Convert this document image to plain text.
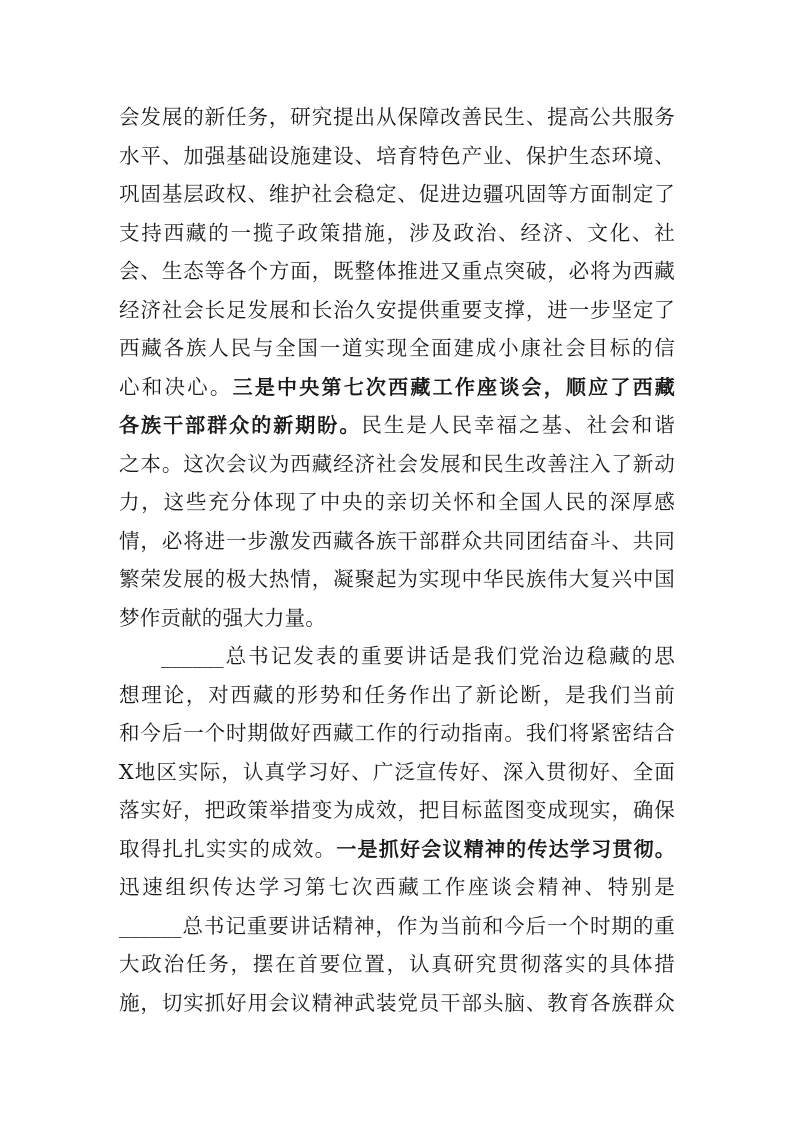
会发展的新任务，研究提出从保障改善民生、提高公共服务
水平、加强基础设施建设、培育特色产业、保护生态环境、
巩固基层政权、维护社会稳定、促进边疆巩固等方面制定了
支持西藏的一揽子政策措施，涉及政治、经济、文化、社
会、生态等各个方面，既整体推进又重点突破，必将为西藏
经济社会长足发展和长治久安提供重要支撑，进一步坚定了
西藏各族人民与全国一道实现全面建成小康社会目标的信
心和决心。三是中央第七次西藏工作座谈会，顺应了西藏
各族干部群众的新期盼。民生是人民幸福之基、社会和谐
之本。这次会议为西藏经济社会发展和民生改善注入了新动
力，这些充分体现了中央的亲切关怀和全国人民的深厚感
情，必将进一步激发西藏各族干部群众共同团结奋斗、共同
繁荣发展的极大热情，凝聚起为实现中华民族伟大复兴中国
梦作贡献的强大力量。
______总书记发表的重要讲话是我们党治边稳藏的思
想理论，对西藏的形势和任务作出了新论断，是我们当前
和今后一个时期做好西藏工作的行动指南。我们将紧密结合
X地区实际，认真学习好、广泛宣传好、深入贯彻好、全面
落实好，把政策举措变为成效，把目标蓝图变成现实，确保
取得扎扎实实的成效。一是抓好会议精神的传达学习贯彻。
迅速组织传达学习第七次西藏工作座谈会精神、特别是
______总书记重要讲话精神，作为当前和今后一个时期的重
大政治任务，摆在首要位置，认真研究贯彻落实的具体措
施，切实抓好用会议精神武装党员干部头脑、教育各族群众
